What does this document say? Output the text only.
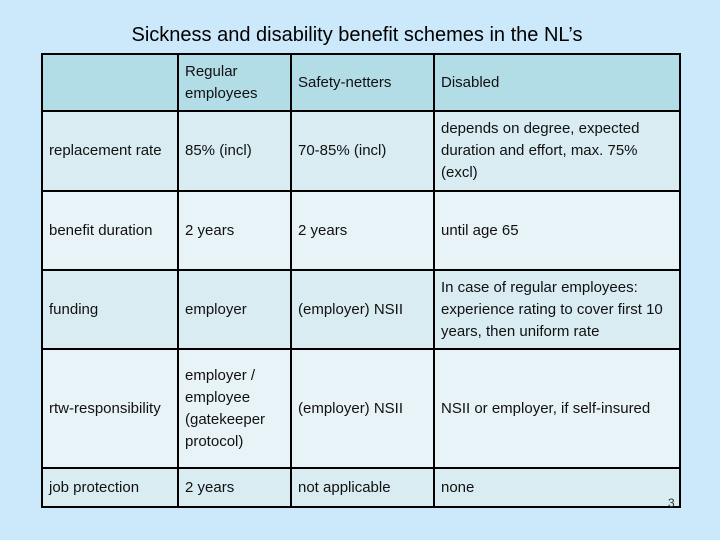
Sickness and disability benefit schemes in the NL’s
	Regular employees	Safety-netters	Disabled
replacement rate	85% (incl)	70-85% (incl)	depends on degree, expected duration and effort, max. 75% (excl)
benefit duration	2 years	2 years	until age 65
funding	employer	(employer) NSII	In case of regular employees: experience rating to cover first 10 years, then uniform rate
rtw-responsibility	employer / employee (gatekeeper protocol)	(employer) NSII	NSII or employer, if self-insured
job protection	2 years	not applicable	none
3
